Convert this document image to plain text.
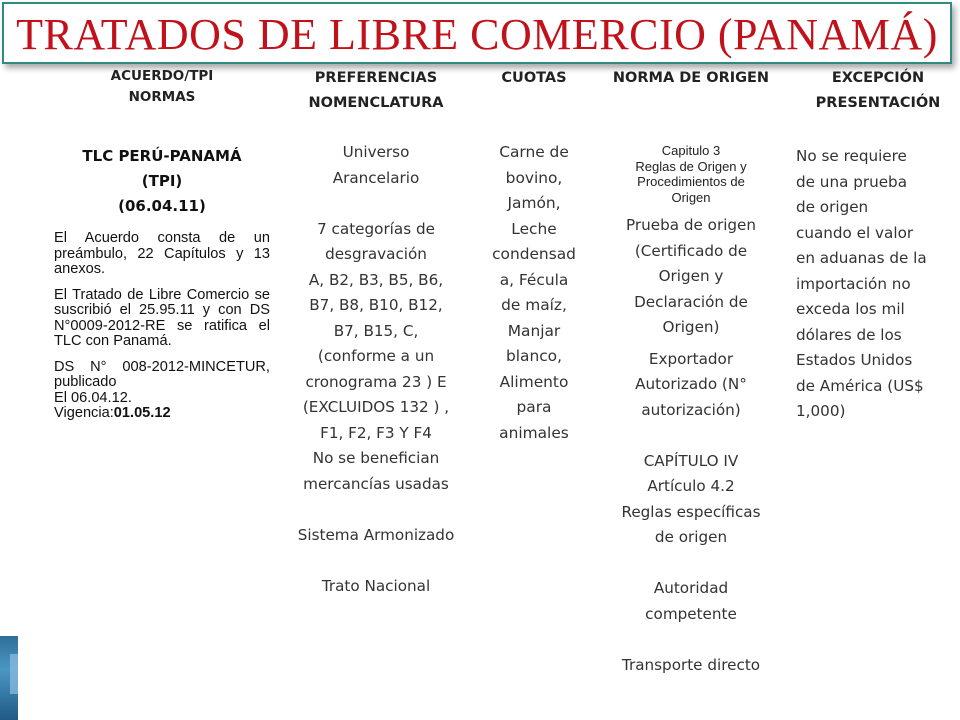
TRATADOS DE LIBRE COMERCIO (PANAMÁ)
ACUERDO/TPI
NORMAS
TLC PERÚ-PANAMÁ
(TPI)
(06.04.11)
El Acuerdo consta de un preámbulo, 22 Capítulos y 13 anexos.
El Tratado de Libre Comercio se suscribió el 25.95.11 y con DS N°0009-2012-RE se ratifica el TLC con Panamá.
DS N° 008-2012-MINCETUR, publicado
El 06.04.12.
Vigencia:01.05.12
PREFERENCIAS
NOMENCLATURA
Universo
Arancelario
7 categorías de
desgravación
A, B2, B3, B5, B6,
B7, B8, B10, B12,
B7, B15, C,
(conforme a un
cronograma 23 ) E
(EXCLUIDOS 132 ) ,
F1, F2, F3 Y F4
No se benefician
mercancías usadas
Sistema Armonizado
Trato Nacional
CUOTAS
Carne de
bovino,
Jamón,
Leche
condensad
a, Fécula
de maíz,
Manjar
blanco,
Alimento
para
animales
NORMA DE ORIGEN
Capitulo 3
Reglas de Origen y
Procedimientos de
Origen
Prueba de origen
(Certificado de
Origen y
Declaración de
Origen)
Exportador
Autorizado (N°
autorización)
CAPÍTULO IV
Artículo 4.2
Reglas específicas
de origen
Autoridad
competente
Transporte directo
EXCEPCIÓN
PRESENTACIÓN
No se requiere
de una prueba
de origen
cuando el valor
en aduanas de la
importación no
exceda los mil
dólares de los
Estados Unidos
de América (US$
1,000)
